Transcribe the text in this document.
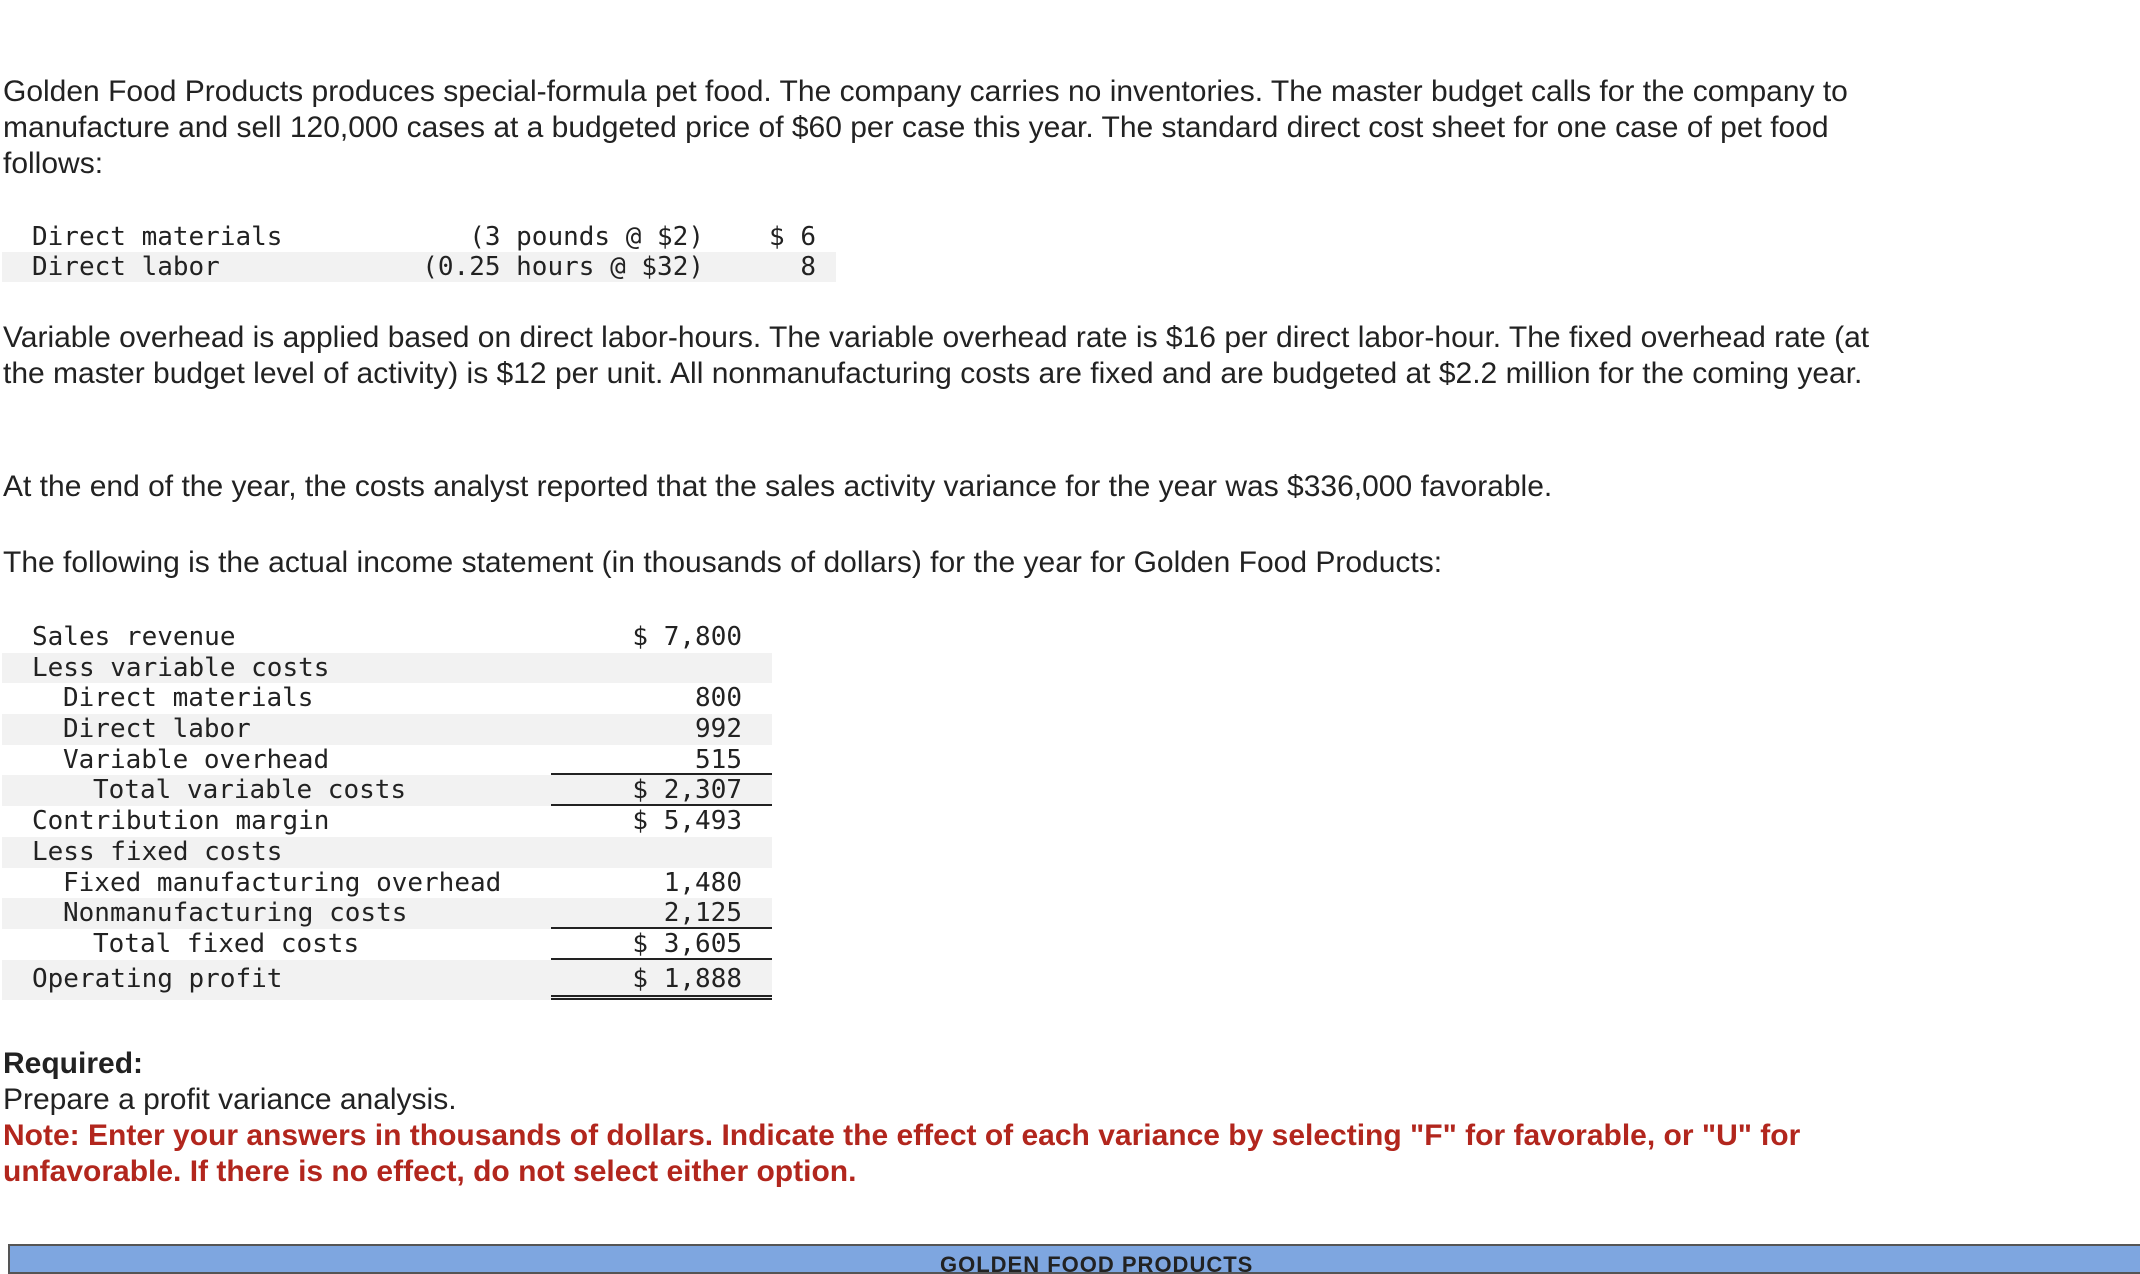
Golden Food Products produces special-formula pet food. The company carries no inventories. The master budget calls for the company to manufacture and sell 120,000 cases at a budgeted price of $60 per case this year. The standard direct cost sheet for one case of pet food follows:

Direct materials	(3 pounds @ $2)	$ 6
Direct labor	(0.25 hours @ $32)	8

Variable overhead is applied based on direct labor-hours. The variable overhead rate is $16 per direct labor-hour. The fixed overhead rate (at the master budget level of activity) is $12 per unit. All nonmanufacturing costs are fixed and are budgeted at $2.2 million for the coming year.

At the end of the year, the costs analyst reported that the sales activity variance for the year was $336,000 favorable.

The following is the actual income statement (in thousands of dollars) for the year for Golden Food Products:

Sales revenue	$ 7,800
Less variable costs
Direct materials	800
Direct labor	992
Variable overhead	515
Total variable costs	$ 2,307
Contribution margin	$ 5,493
Less fixed costs
Fixed manufacturing overhead	1,480
Nonmanufacturing costs	2,125
Total fixed costs	$ 3,605
Operating profit	$ 1,888
Required:
Prepare a profit variance analysis.
Note: Enter your answers in thousands of dollars. Indicate the effect of each variance by selecting "F" for favorable, or "U" for unfavorable. If there is no effect, do not select either option.
GOLDEN FOOD PRODUCTS
